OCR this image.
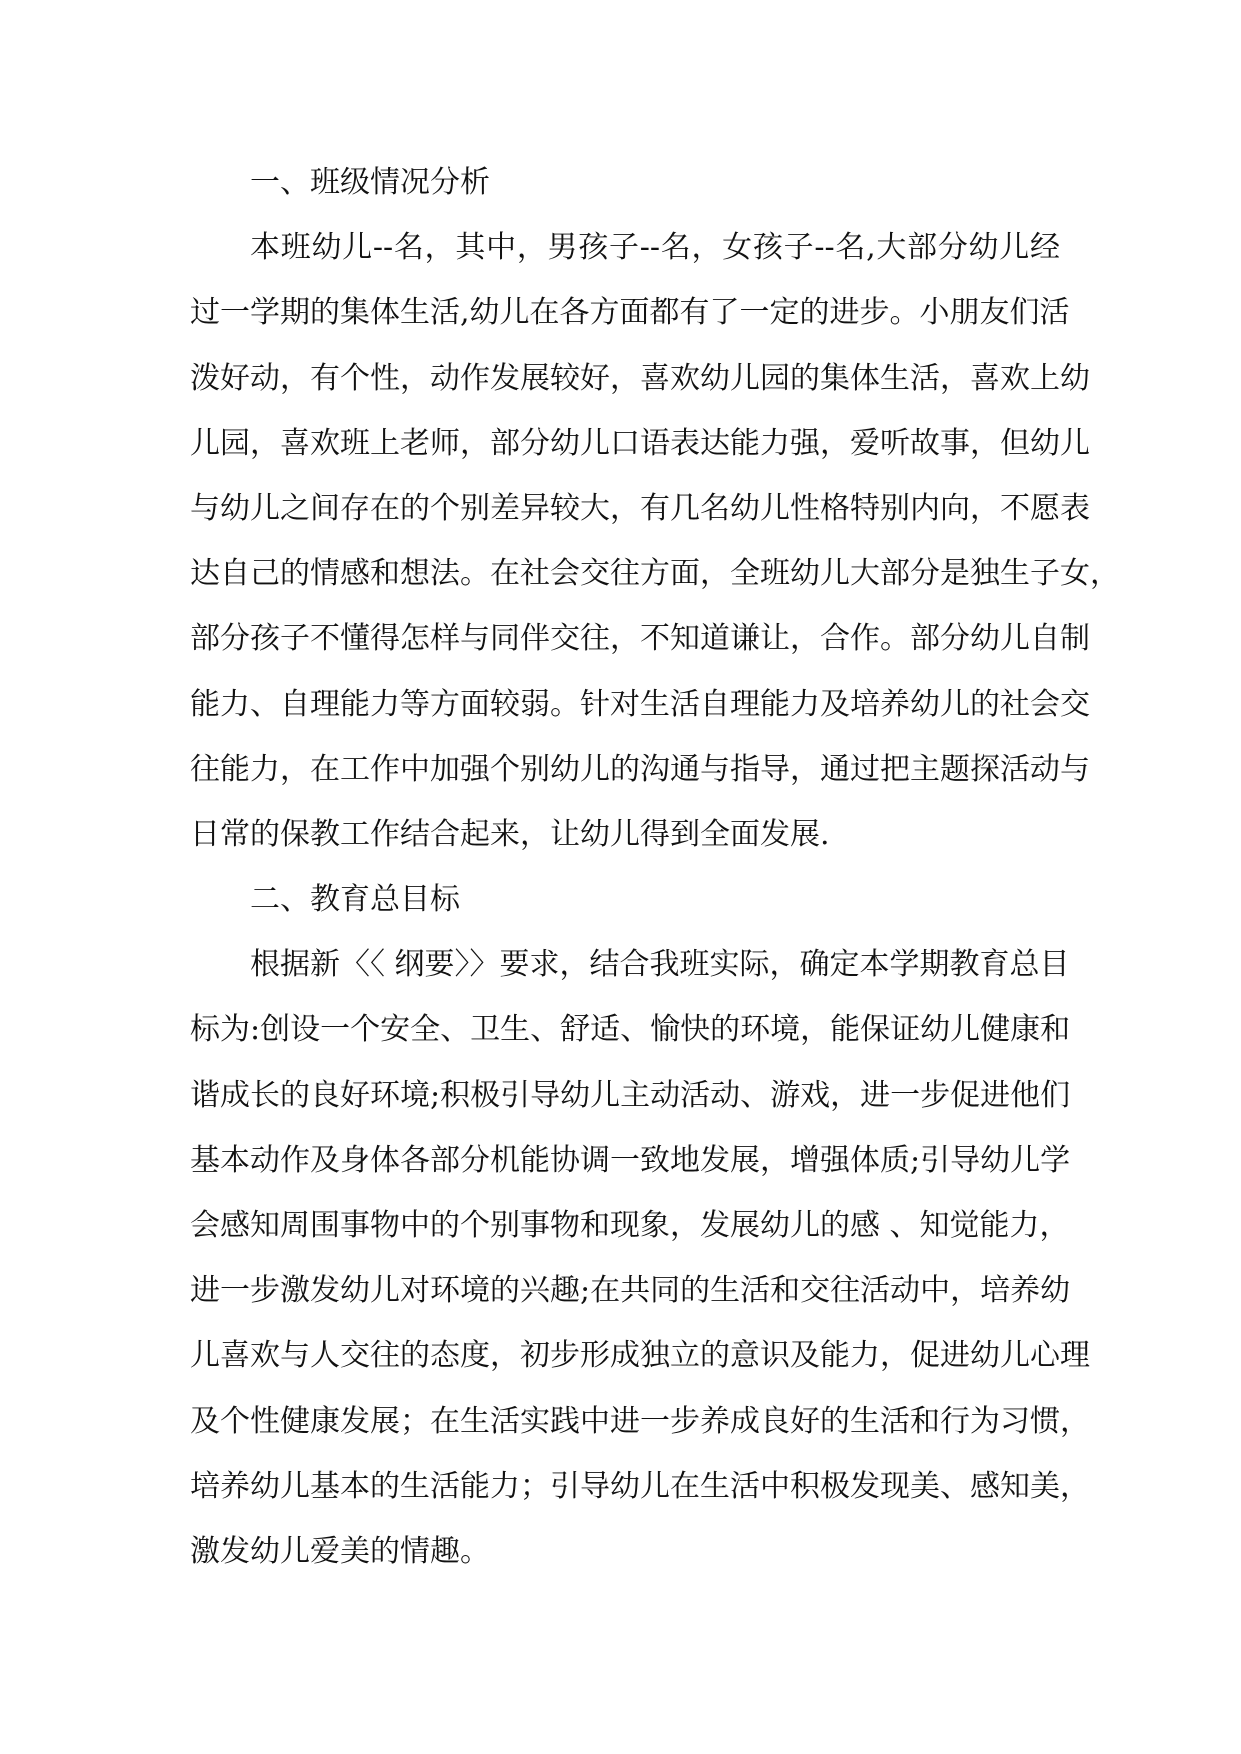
一、班级情况分析
本班幼儿--名，其中，男孩子--名，女孩子--名,大部分幼儿经
过一学期的集体生活,幼儿在各方面都有了一定的进步。小朋友们活
泼好动，有个性，动作发展较好，喜欢幼儿园的集体生活，喜欢上幼
儿园，喜欢班上老师，部分幼儿口语表达能力强，爱听故事，但幼儿
与幼儿之间存在的个别差异较大，有几名幼儿性格特别内向，不愿表
达自己的情感和想法。在社会交往方面，全班幼儿大部分是独生子女，
部分孩子不懂得怎样与同伴交往，不知道谦让，合作。部分幼儿自制
能力、自理能力等方面较弱。针对生活自理能力及培养幼儿的社会交
往能力，在工作中加强个别幼儿的沟通与指导，通过把主题探活动与
日常的保教工作结合起来，让幼儿得到全面发展.
二、教育总目标
根据新〈〈 纲要〉〉要求，结合我班实际，确定本学期教育总目
标为:创设一个安全、卫生、舒适、愉快的环境，能保证幼儿健康和
谐成长的良好环境;积极引导幼儿主动活动、游戏，进一步促进他们
基本动作及身体各部分机能协调一致地发展，增强体质;引导幼儿学
会感知周围事物中的个别事物和现象，发展幼儿的感 、知觉能力，
进一步激发幼儿对环境的兴趣;在共同的生活和交往活动中，培养幼
儿喜欢与人交往的态度，初步形成独立的意识及能力，促进幼儿心理
及个性健康发展；在生活实践中进一步养成良好的生活和行为习惯，
培养幼儿基本的生活能力；引导幼儿在生活中积极发现美、感知美，
激发幼儿爱美的情趣。
